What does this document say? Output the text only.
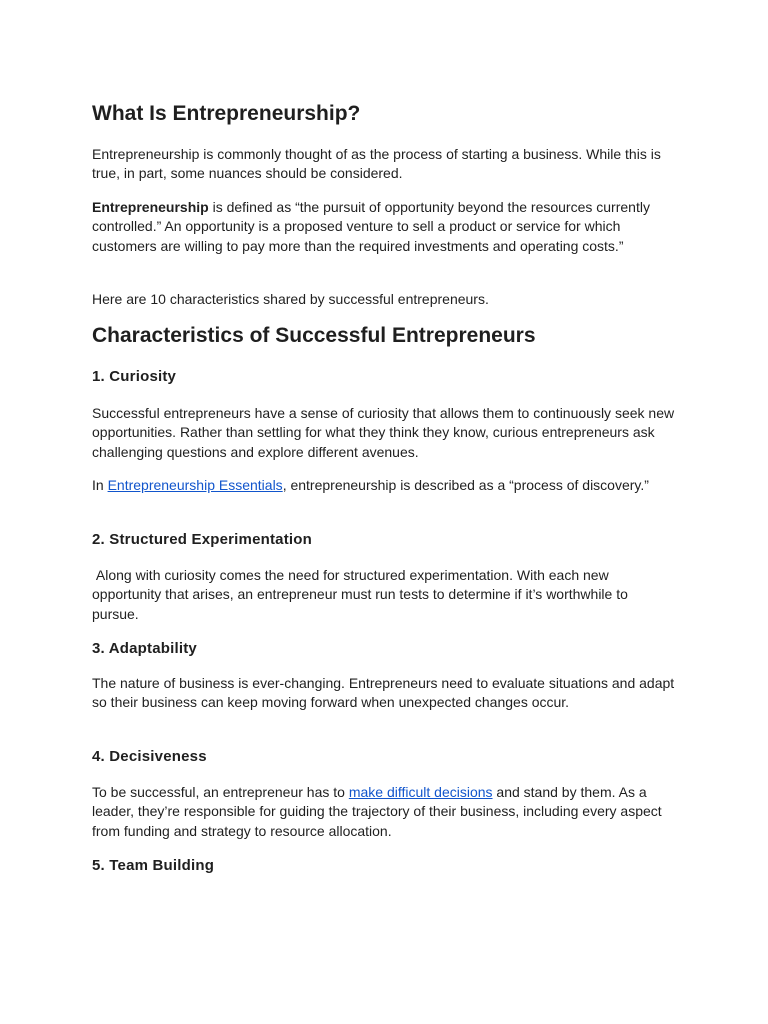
What Is Entrepreneurship?

Entrepreneurship is commonly thought of as the process of starting a business. While this is true, in part, some nuances should be considered.

Entrepreneurship is defined as “the pursuit of opportunity beyond the resources currently controlled.” An opportunity is a proposed venture to sell a product or service for which customers are willing to pay more than the required investments and operating costs.”

Here are 10 characteristics shared by successful entrepreneurs.

Characteristics of Successful Entrepreneurs
1. Curiosity

Successful entrepreneurs have a sense of curiosity that allows them to continuously seek new opportunities. Rather than settling for what they think they know, curious entrepreneurs ask challenging questions and explore different avenues.

In Entrepreneurship Essentials, entrepreneurship is described as a “process of discovery.”

2. Structured Experimentation

Along with curiosity comes the need for structured experimentation. With each new opportunity that arises, an entrepreneur must run tests to determine if it’s worthwhile to pursue.

3. Adaptability

The nature of business is ever-changing. Entrepreneurs need to evaluate situations and adapt so their business can keep moving forward when unexpected changes occur.

4. Decisiveness

To be successful, an entrepreneur has to make difficult decisions and stand by them. As a leader, they’re responsible for guiding the trajectory of their business, including every aspect from funding and strategy to resource allocation.

5. Team Building
